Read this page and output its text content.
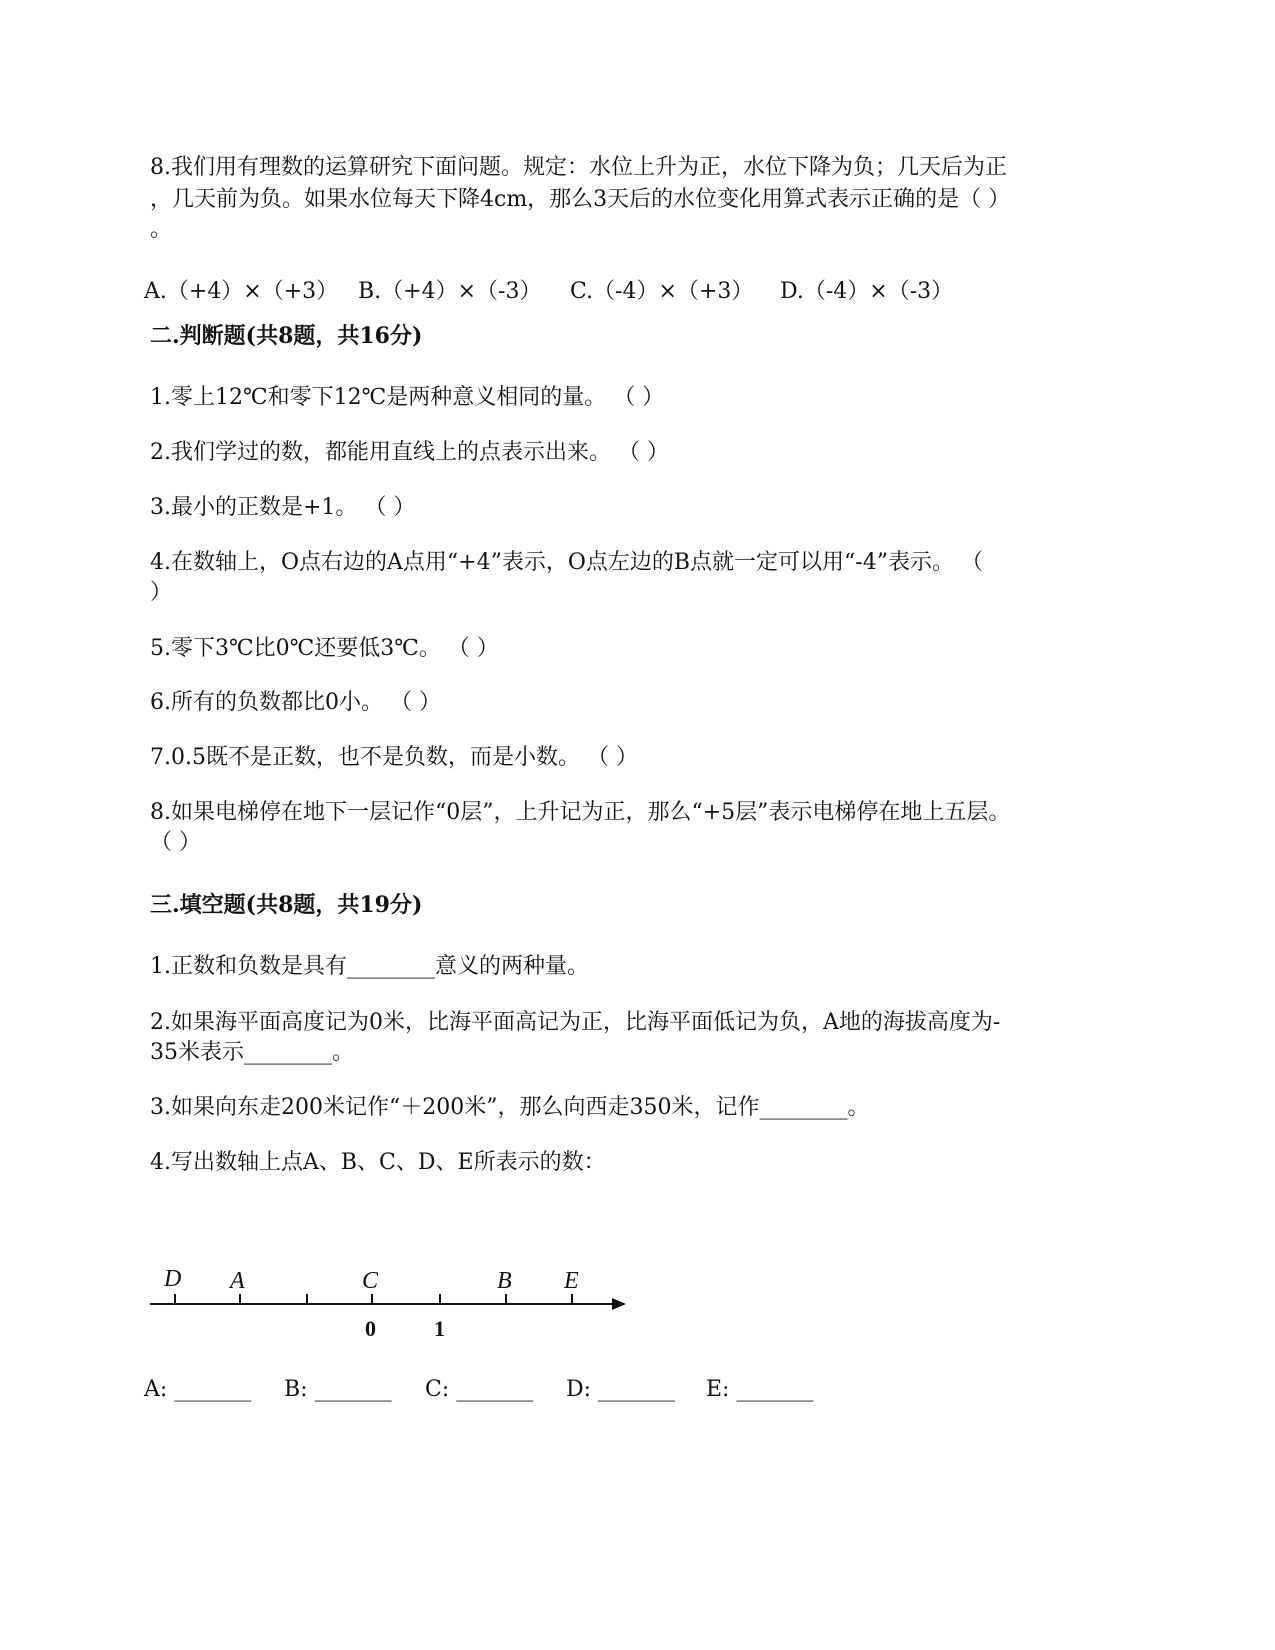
8.我们用有理数的运算研究下面问题。规定：水位上升为正，水位下降为负；几天后为正

，几天前为负。如果水位每天下降4cm，那么3天后的水位变化用算式表示正确的是（ ）

。

A.（+4）×（+3） B.（+4）×（-3） C.（-4）×（+3） D.（-4）×（-3）

二.判断题(共8题，共16分)

1.零上12℃和零下12℃是两种意义相同的量。 （ ）

2.我们学过的数，都能用直线上的点表示出来。 （ ）

3.最小的正数是+1。 （ ）

4.在数轴上，O点右边的A点用“+4”表示，O点左边的B点就一定可以用“-4”表示。 （

）

5.零下3℃比0℃还要低3℃。 （ ）

6.所有的负数都比0小。 （ ）

7.0.5既不是正数，也不是负数，而是小数。 （ ）

8.如果电梯停在地下一层记作“0层”，上升记为正，那么“+5层”表示电梯停在地上五层。

（ ）

三.填空题(共8题，共19分)

1.正数和负数是具有________意义的两种量。

2.如果海平面高度记为0米，比海平面高记为正，比海平面低记为负，A地的海拔高度为-

35米表示________。

3.如果向东走200米记作“＋200米”，那么向西走350米，记作________。

4.写出数轴上点A、B、C、D、E所表示的数：

D A	C	B E
0	1
A: _______ B: _______ C: _______ D: _______ E: _______
